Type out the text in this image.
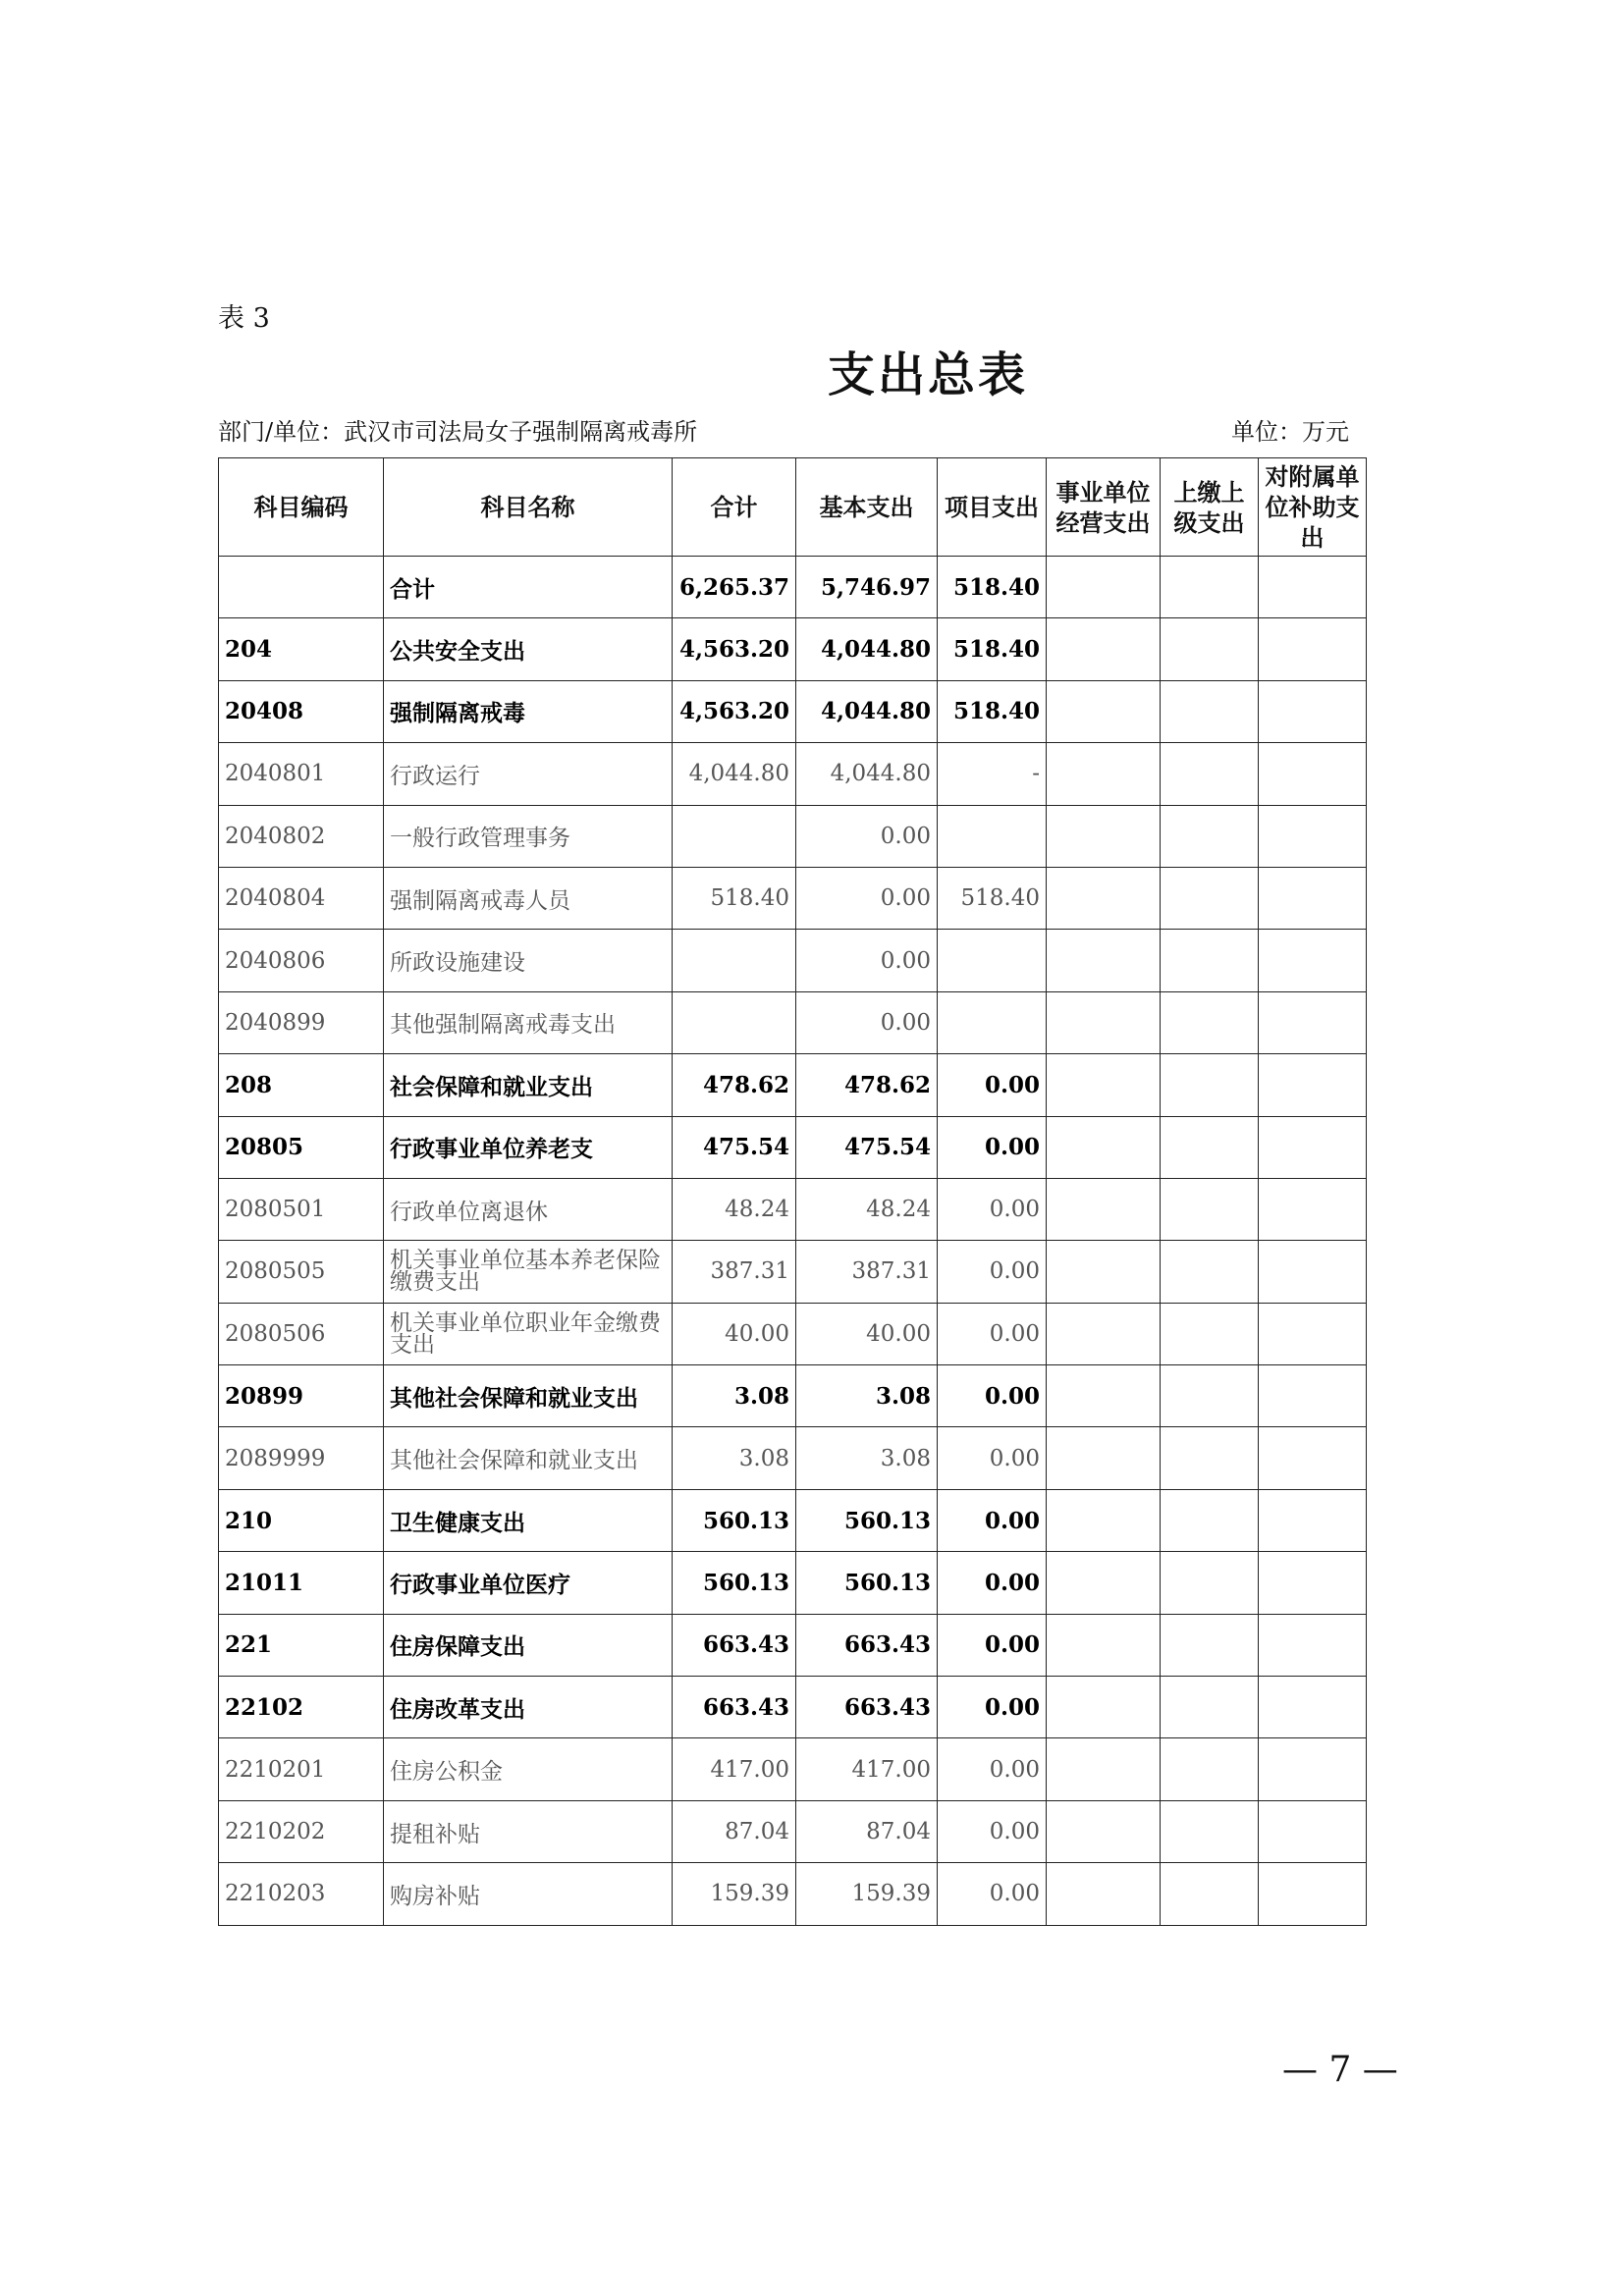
表 3
支出总表
部门/单位：武汉市司法局女子强制隔离戒毒所	单位：万元
科目编码	科目名称	合计	基本支出	项目支出	事业单位经营支出	上缴上级支出	对附属单位补助支出
	合计	6,265.37	5,746.97	518.40			
204	公共安全支出	4,563.20	4,044.80	518.40			
20408	强制隔离戒毒	4,563.20	4,044.80	518.40			
2040801	行政运行	4,044.80	4,044.80	-			
2040802	一般行政管理事务		0.00				
2040804	强制隔离戒毒人员	518.40	0.00	518.40			
2040806	所政设施建设		0.00				
2040899	其他强制隔离戒毒支出		0.00				
208	社会保障和就业支出	478.62	478.62	0.00			
20805	行政事业单位养老支	475.54	475.54	0.00			
2080501	行政单位离退休	48.24	48.24	0.00			
2080505	机关事业单位基本养老保险缴费支出	387.31	387.31	0.00			
2080506	机关事业单位职业年金缴费支出	40.00	40.00	0.00			
20899	其他社会保障和就业支出	3.08	3.08	0.00			
2089999	其他社会保障和就业支出	3.08	3.08	0.00			
210	卫生健康支出	560.13	560.13	0.00			
21011	行政事业单位医疗	560.13	560.13	0.00			
221	住房保障支出	663.43	663.43	0.00			
22102	住房改革支出	663.43	663.43	0.00			
2210201	住房公积金	417.00	417.00	0.00			
2210202	提租补贴	87.04	87.04	0.00			
2210203	购房补贴	159.39	159.39	0.00			
— 7 —
